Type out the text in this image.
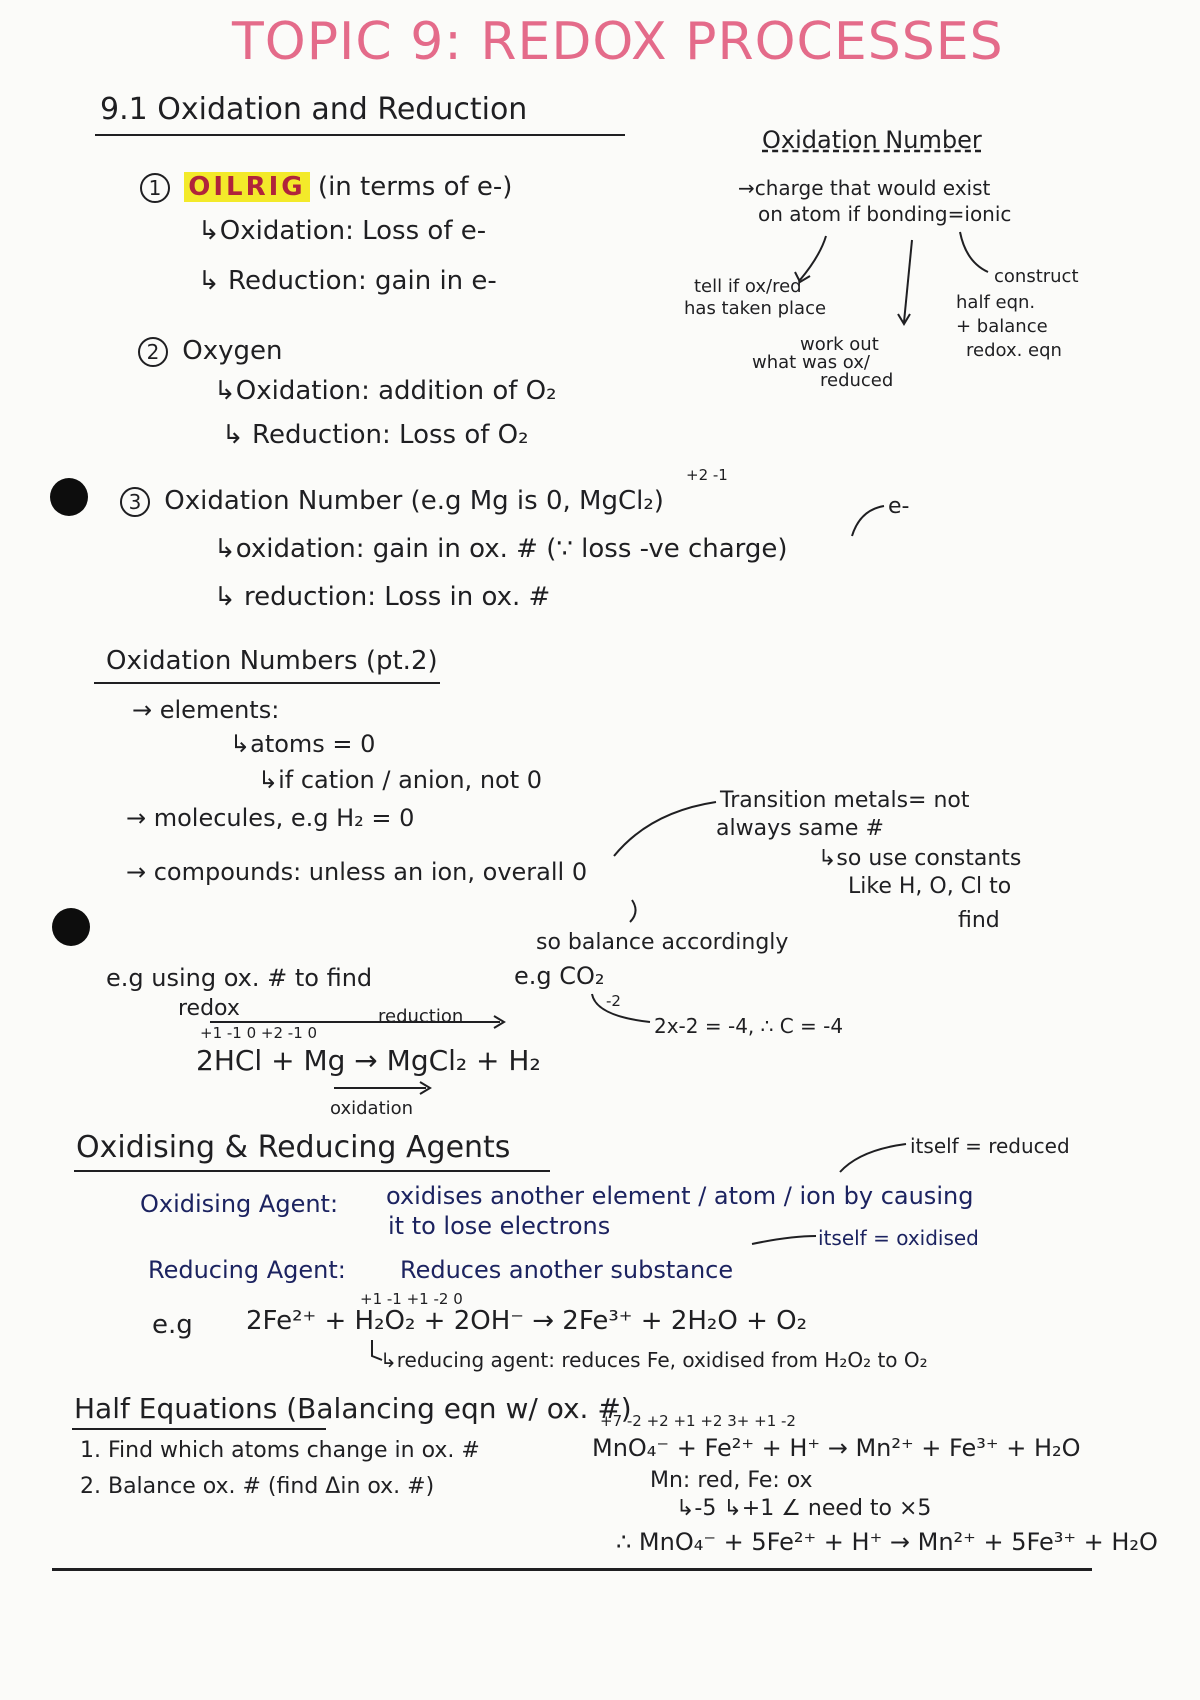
TOPIC 9: REDOX PROCESSES
9.1 Oxidation and Reduction
1 OILRIG (in terms of e-)
↳Oxidation: Loss of e-
↳ Reduction: gain in e-
2 Oxygen
↳Oxidation: addition of O₂
↳ Reduction: Loss of O₂
Oxidation Number
→charge that would exist
on atom if bonding=ionic
tell if ox/red
has taken place
work out
what was ox/
reduced
construct
half eqn.
+ balance
redox. eqn
+2 -1
3 Oxidation Number (e.g Mg is 0, MgCl₂)	e-
↳oxidation: gain in ox. # (∵ loss -ve charge)
↳ reduction: Loss in ox. #
Oxidation Numbers (pt.2)
→ elements:
↳atoms = 0
↳if cation / anion, not 0
→ molecules, e.g H₂ = 0
→ compounds: unless an ion, overall 0
Transition metals= not
always same #
↳so use constants
Like H, O, Cl to
find
so balance accordingly
e.g CO₂
-2
2x-2 = -4, ∴ C = -4
e.g using ox. # to find
redox	reduction
+1 -1 0 +2 -1 0
2HCl + Mg → MgCl₂ + H₂
oxidation
Oxidising & Reducing Agents	itself = reduced
Oxidising Agent: oxidises another element / atom / ion by causing
it to lose electrons	itself = oxidised
Reducing Agent: Reduces another substance
+1 -1 +1 -2 0
e.g 2Fe²⁺ + H₂O₂ + 2OH⁻ → 2Fe³⁺ + 2H₂O + O₂
↳reducing agent: reduces Fe, oxidised from H₂O₂ to O₂
Half Equations (Balancing eqn w/ ox. #)
1. Find which atoms change in ox. #
2. Balance ox. # (find Δin ox. #)
+7 -2 +2 +1 +2 3+ +1 -2
MnO₄⁻ + Fe²⁺ + H⁺ → Mn²⁺ + Fe³⁺ + H₂O
Mn: red, Fe: ox
↳-5 ↳+1 ∠ need to ×5
∴ MnO₄⁻ + 5Fe²⁺ + H⁺ → Mn²⁺ + 5Fe³⁺ + H₂O
